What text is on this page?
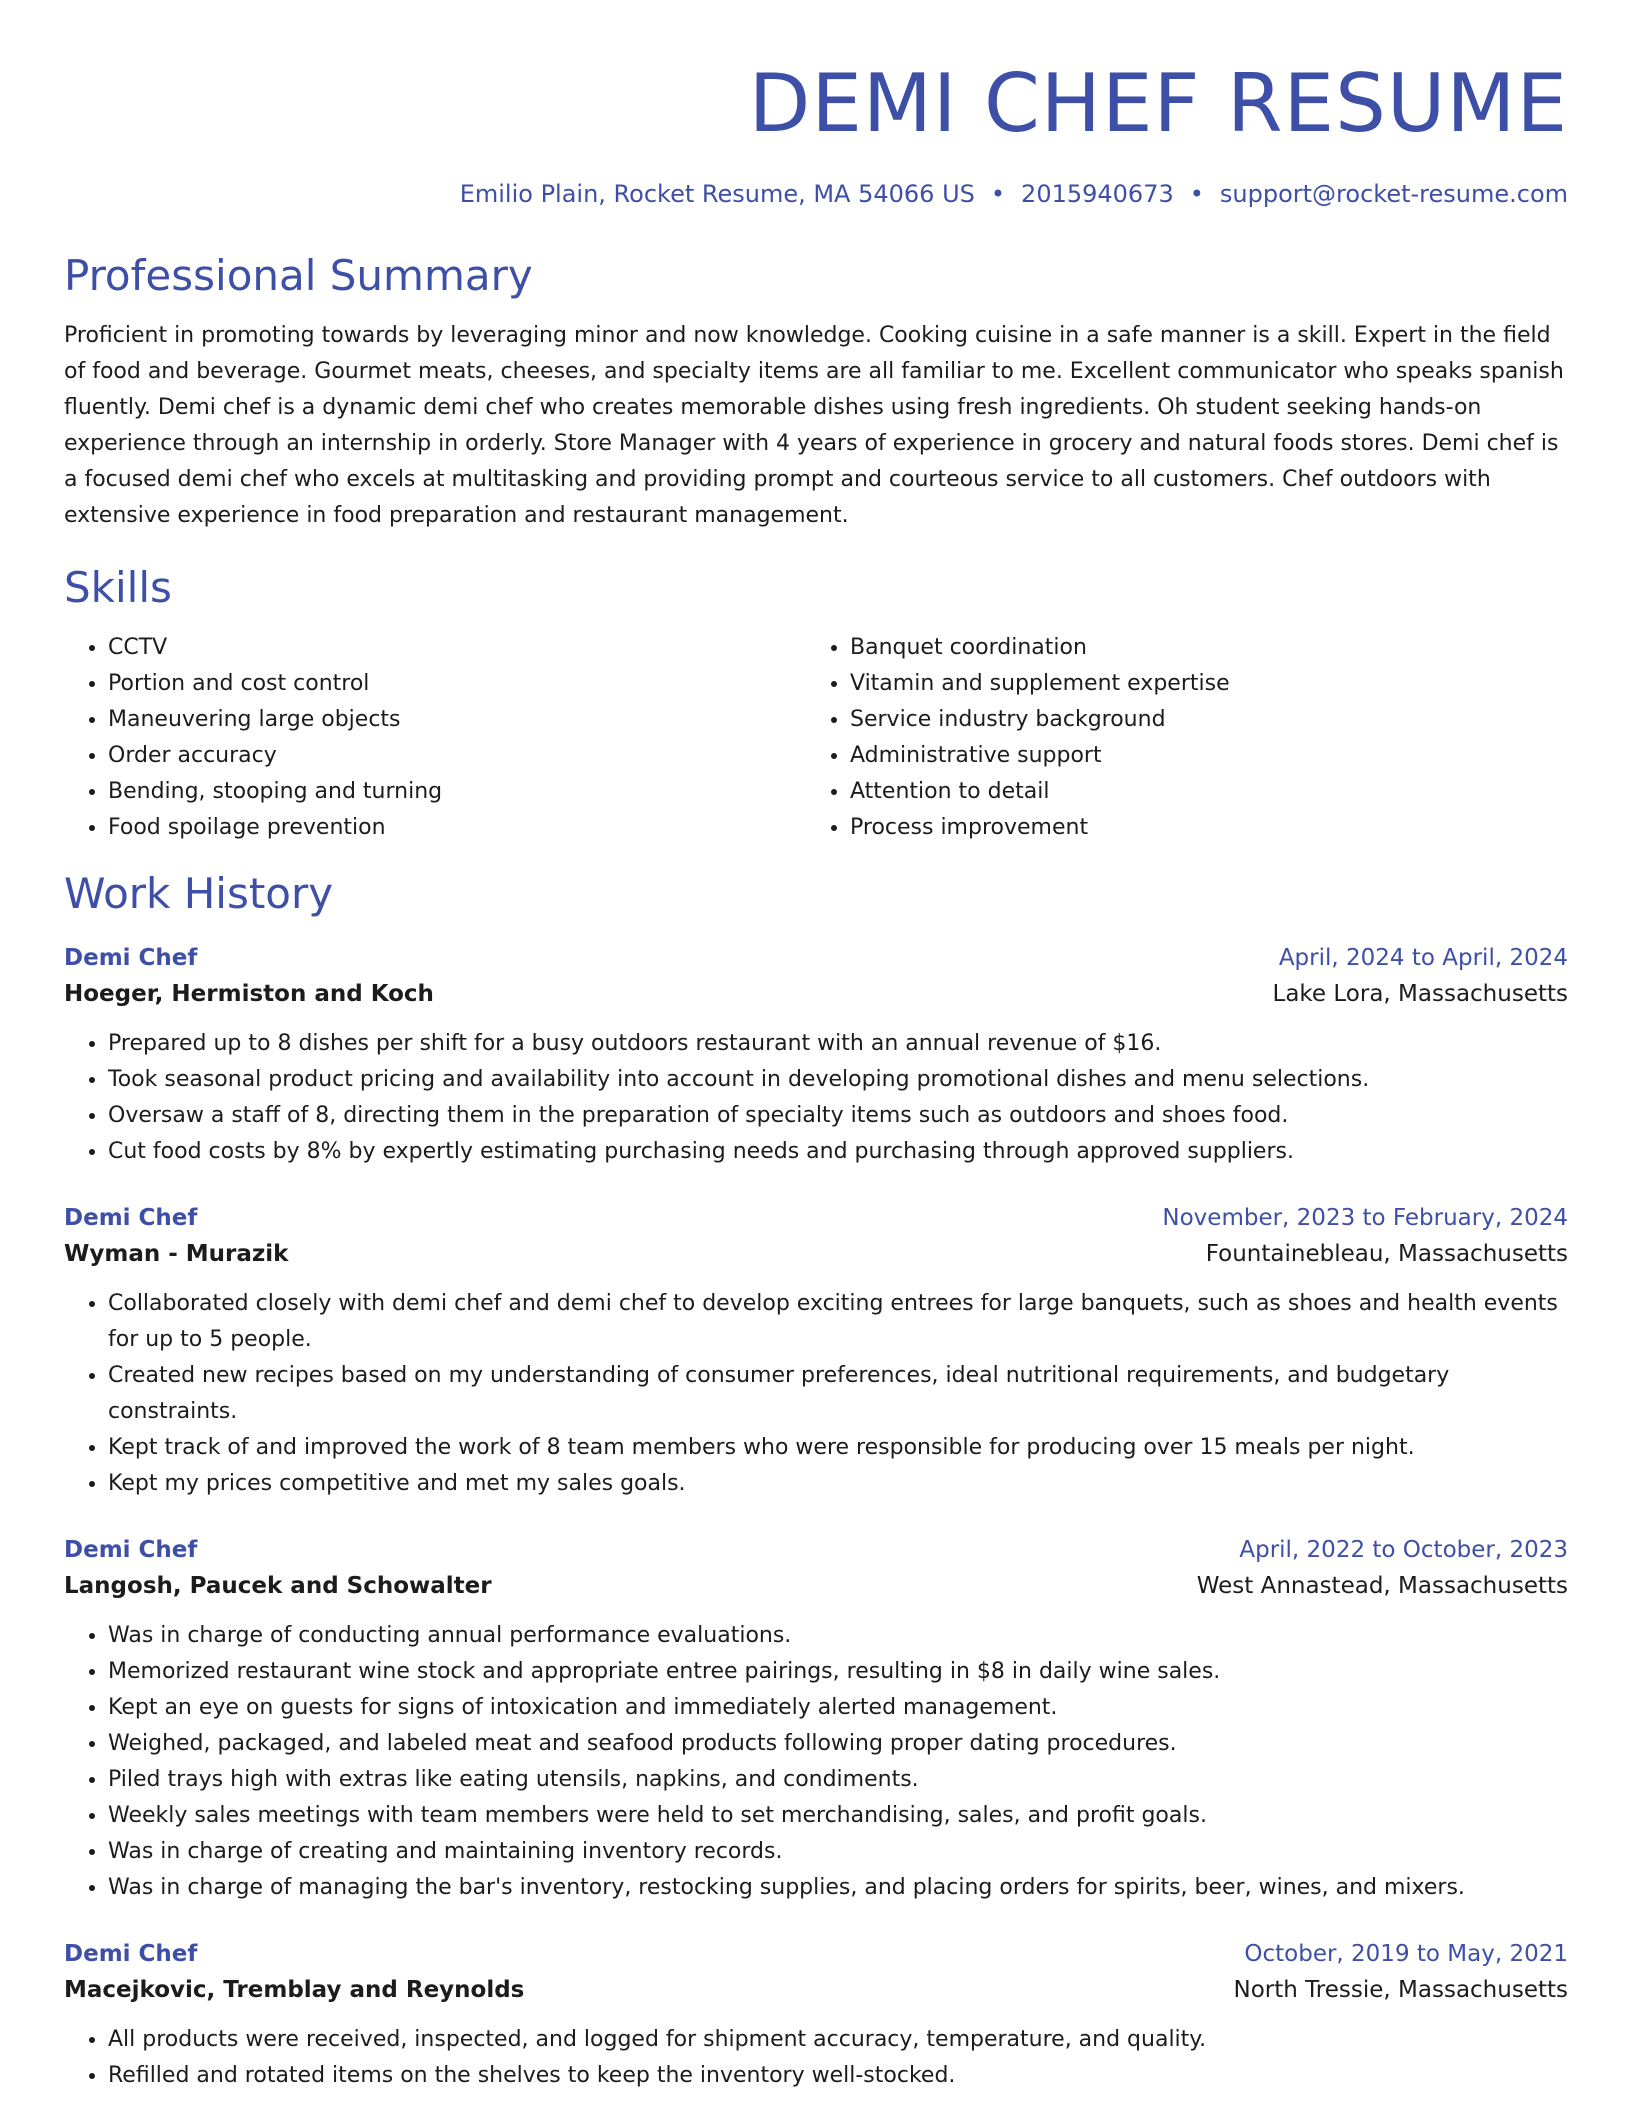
DEMI CHEF RESUME
Emilio Plain, Rocket Resume, MA 54066 US • 2015940673 • support@rocket-resume.com
Professional Summary
Proficient in promoting towards by leveraging minor and now knowledge. Cooking cuisine in a safe manner is a skill. Expert in the field of food and beverage. Gourmet meats, cheeses, and specialty items are all familiar to me. Excellent communicator who speaks spanish fluently. Demi chef is a dynamic demi chef who creates memorable dishes using fresh ingredients. Oh student seeking hands-on experience through an internship in orderly. Store Manager with 4 years of experience in grocery and natural foods stores. Demi chef is a focused demi chef who excels at multitasking and providing prompt and courteous service to all customers. Chef outdoors with extensive experience in food preparation and restaurant management.
Skills
• CCTV
• Portion and cost control
• Maneuvering large objects
• Order accuracy
• Bending, stooping and turning
• Food spoilage prevention
• Banquet coordination
• Vitamin and supplement expertise
• Service industry background
• Administrative support
• Attention to detail
• Process improvement
Work History
Demi Chef	April, 2024 to April, 2024
Hoeger, Hermiston and Koch	Lake Lora, Massachusetts
• Prepared up to 8 dishes per shift for a busy outdoors restaurant with an annual revenue of $16.
• Took seasonal product pricing and availability into account in developing promotional dishes and menu selections.
• Oversaw a staff of 8, directing them in the preparation of specialty items such as outdoors and shoes food.
• Cut food costs by 8% by expertly estimating purchasing needs and purchasing through approved suppliers.
Demi Chef	November, 2023 to February, 2024
Wyman - Murazik	Fountainebleau, Massachusetts
• Collaborated closely with demi chef and demi chef to develop exciting entrees for large banquets, such as shoes and health events for up to 5 people.
• Created new recipes based on my understanding of consumer preferences, ideal nutritional requirements, and budgetary constraints.
• Kept track of and improved the work of 8 team members who were responsible for producing over 15 meals per night.
• Kept my prices competitive and met my sales goals.
Demi Chef	April, 2022 to October, 2023
Langosh, Paucek and Schowalter	West Annastead, Massachusetts
• Was in charge of conducting annual performance evaluations.
• Memorized restaurant wine stock and appropriate entree pairings, resulting in $8 in daily wine sales.
• Kept an eye on guests for signs of intoxication and immediately alerted management.
• Weighed, packaged, and labeled meat and seafood products following proper dating procedures.
• Piled trays high with extras like eating utensils, napkins, and condiments.
• Weekly sales meetings with team members were held to set merchandising, sales, and profit goals.
• Was in charge of creating and maintaining inventory records.
• Was in charge of managing the bar's inventory, restocking supplies, and placing orders for spirits, beer, wines, and mixers.
Demi Chef	October, 2019 to May, 2021
Macejkovic, Tremblay and Reynolds	North Tressie, Massachusetts
• All products were received, inspected, and logged for shipment accuracy, temperature, and quality.
• Refilled and rotated items on the shelves to keep the inventory well-stocked.
